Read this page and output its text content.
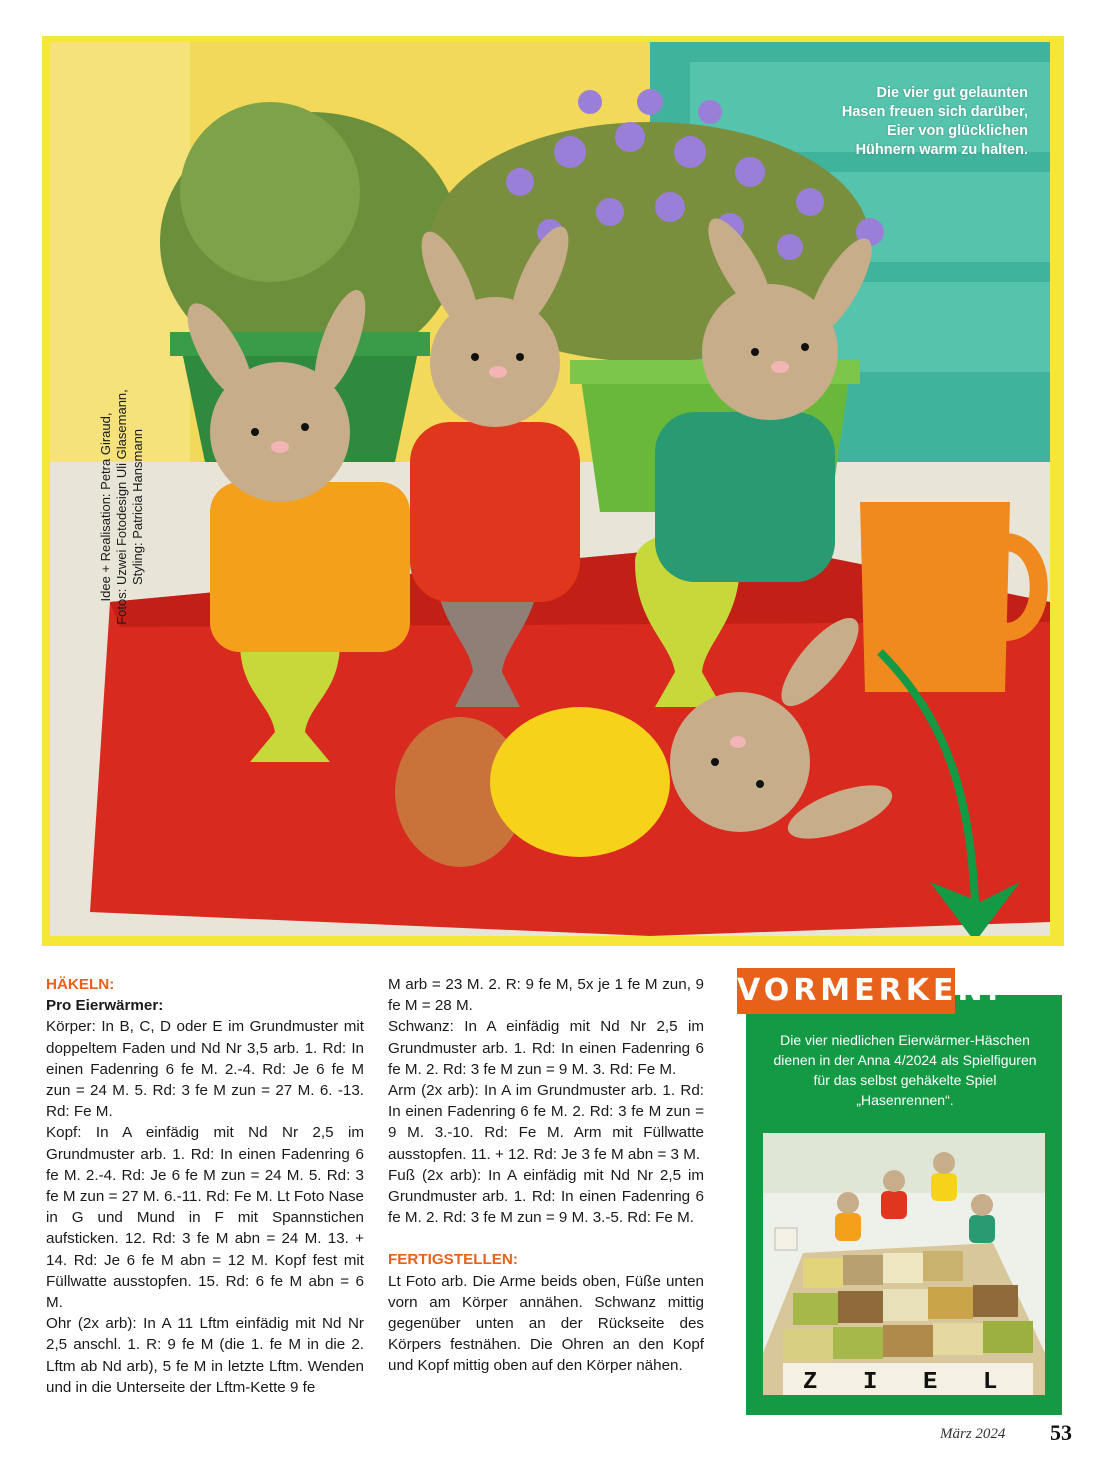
Die vier gut gelaunten
Hasen freuen sich darüber,
Eier von glücklichen
Hühnern warm zu halten.
Idee + Realisation: Petra Giraud, Fotos: Uzwei Fotodesign Uli Glasemann, Styling: Patricia Hansmann

HÄKELN:

Pro Eierwärmer:

Körper: In B, C, D oder E im Grundmuster mit doppeltem Faden und Nd Nr 3,5 arb. 1. Rd: In einen Fadenring 6 fe M. 2.-4. Rd: Je 6 fe M zun = 24 M. 5. Rd: 3 fe M zun = 27 M. 6. -13. Rd: Fe M.

Kopf: In A einfädig mit Nd Nr 2,5 im Grundmuster arb. 1. Rd: In einen Fadenring 6 fe M. 2.-4. Rd: Je 6 fe M zun = 24 M. 5. Rd: 3 fe M zun = 27 M. 6.-11. Rd: Fe M. Lt Foto Nase in G und Mund in F mit Spannstichen aufsticken. 12. Rd: 3 fe M abn = 24 M. 13. + 14. Rd: Je 6 fe M abn = 12 M. Kopf fest mit Füllwatte ausstopfen. 15. Rd: 6 fe M abn = 6 M.

Ohr (2x arb): In A 11 Lftm einfädig mit Nd Nr 2,5 anschl. 1. R: 9 fe M (die 1. fe M in die 2. Lftm ab Nd arb), 5 fe M in letzte Lftm. Wenden und in die Unterseite der Lftm-Kette 9 fe

M arb = 23 M. 2. R: 9 fe M, 5x je 1 fe M zun, 9 fe M = 28 M.

Schwanz: In A einfädig mit Nd Nr 2,5 im Grundmuster arb. 1. Rd: In einen Fadenring 6 fe M. 2. Rd: 3 fe M zun = 9 M. 3. Rd: Fe M.

Arm (2x arb): In A im Grundmuster arb. 1. Rd: In einen Fadenring 6 fe M. 2. Rd: 3 fe M zun = 9 M. 3.-10. Rd: Fe M. Arm mit Füllwatte ausstopfen. 11. + 12. Rd: Je 3 fe M abn = 3 M.

Fuß (2x arb): In A einfädig mit Nd Nr 2,5 im Grundmuster arb. 1. Rd: In einen Fadenring 6 fe M. 2. Rd: 3 fe M zun = 9 M. 3.-5. Rd: Fe M.

FERTIGSTELLEN:

Lt Foto arb. Die Arme beids oben, Füße unten vorn am Körper annähen. Schwanz mittig gegenüber unten an der Rückseite des Körpers festnähen. Die Ohren an den Kopf und Kopf mittig oben auf den Körper nähen.

VORMERKEN:
Die vier niedlichen Eierwärmer-Häschen dienen in der Anna 4/2024 als Spielfiguren für das selbst gehäkelte Spiel „Hasenrennen“.
Z I E L
März 2024 53
